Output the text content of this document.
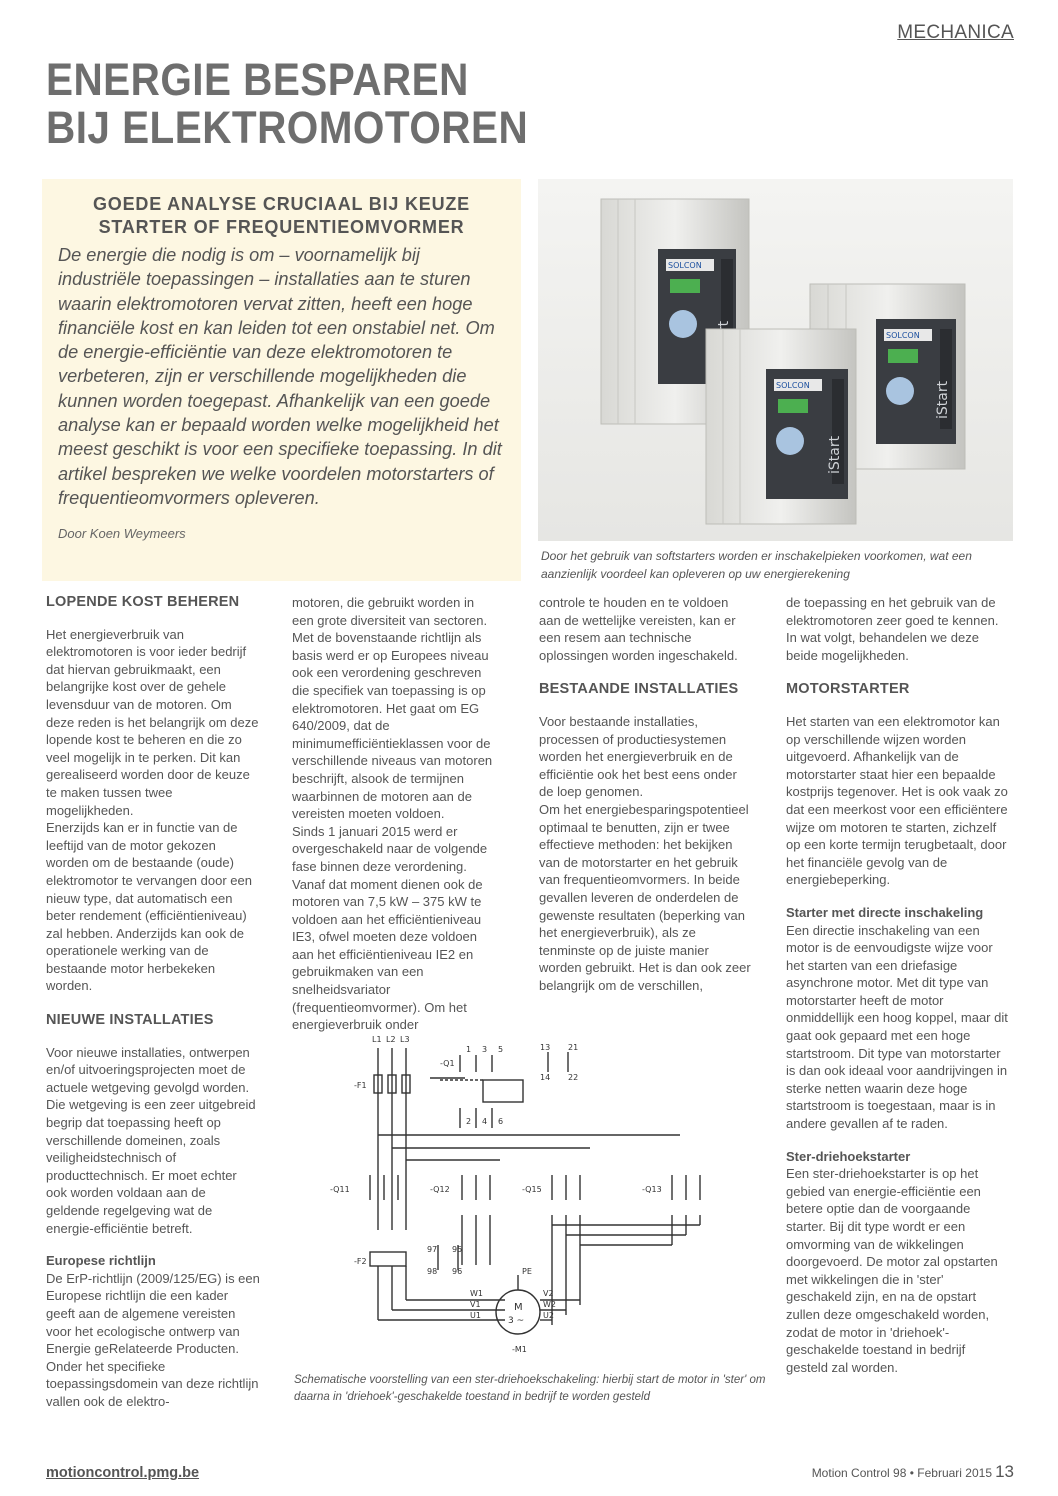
MECHANICA
ENERGIE BESPAREN
BIJ ELEKTROMOTOREN
GOEDE ANALYSE CRUCIAAL BIJ KEUZE
STARTER OF FREQUENTIEOMVORMER

De energie die nodig is om – voornamelijk bij industriële toepassingen – installaties aan te sturen waarin elektromotoren vervat zitten, heeft een hoge financiële kost en kan leiden tot een onstabiel net. Om de energie-efficiëntie van deze elektromotoren te verbeteren, zijn er verschillende mogelijkheden die kunnen worden toegepast. Afhankelijk van een goede analyse kan er bepaald worden welke mogelijkheid het meest geschikt is voor een specifieke toepassing. In dit artikel bespreken we welke voordelen motorstarters of frequentieomvormers opleveren.

Door Koen Weymeers

SOLCON
SOLCON
iStart
SOLCON
iStart

Door het gebruik van softstarters worden er inschakelpieken voorkomen, wat een aanzienlijk voordeel kan opleveren op uw energierekening

LOPENDE KOST BEHEREN

Het energieverbruik van elektromotoren is voor ieder bedrijf dat hiervan gebruikmaakt, een belangrijke kost over de gehele levensduur van de motoren. Om deze reden is het belangrijk om deze lopende kost te beheren en die zo veel mogelijk in te perken. Dit kan gerealiseerd worden door de keuze te maken tussen twee mogelijkheden.

Enerzijds kan er in functie van de leeftijd van de motor gekozen worden om de bestaande (oude) elektromotor te vervangen door een nieuw type, dat automatisch een beter rendement (efficiëntieniveau) zal hebben. Anderzijds kan ook de operationele werking van de bestaande motor herbekeken worden.

NIEUWE INSTALLATIES

Voor nieuwe installaties, ontwerpen en/of uitvoeringsprojecten moet de actuele wetgeving gevolgd worden. Die wetgeving is een zeer uitgebreid begrip dat toepassing heeft op verschillende domeinen, zoals veiligheidstechnisch of producttechnisch. Er moet echter ook worden voldaan aan de geldende regelgeving wat de energie-efficiëntie betreft.

Europese richtlijn

De ErP-richtlijn (2009/125/EG) is een Europese richtlijn die een kader geeft aan de algemene vereisten voor het ecologische ontwerp van Energie geRelateerde Producten. Onder het specifieke toepassingsdomein van deze richtlijn vallen ook de elektro-

motoren, die gebruikt worden in een grote diversiteit van sectoren. Met de bovenstaande richtlijn als basis werd er op Europees niveau ook een verordening geschreven die specifiek van toepassing is op elektromotoren. Het gaat om EG 640/2009, dat de minimumefficiëntieklassen voor de verschillende niveaus van motoren beschrijft, alsook de termijnen waarbinnen de motoren aan de vereisten moeten voldoen.

Sinds 1 januari 2015 werd er overgeschakeld naar de volgende fase binnen deze verordening. Vanaf dat moment dienen ook de motoren van 7,5 kW – 375 kW te voldoen aan het efficiëntieniveau IE3, ofwel moeten deze voldoen aan het efficiëntieniveau IE2 en gebruikmaken van een snelheidsvariator (frequentieomvormer). Om het energieverbruik onder

controle te houden en te voldoen aan de wettelijke vereisten, kan er een resem aan technische oplossingen worden ingeschakeld.

BESTAANDE INSTALLATIES

Voor bestaande installaties, processen of productiesystemen worden het energieverbruik en de efficiëntie ook het best eens onder de loep genomen.

Om het energiebesparingspotentieel optimaal te benutten, zijn er twee effectieve methoden: het bekijken van de motorstarter en het gebruik van frequentieomvormers. In beide gevallen leveren de onderdelen de gewenste resultaten (beperking van het energieverbruik), als ze tenminste op de juiste manier worden gebruikt. Het is dan ook zeer belangrijk om de verschillen,

de toepassing en het gebruik van de elektromotoren zeer goed te kennen.

In wat volgt, behandelen we deze beide mogelijkheden.

MOTORSTARTER

Het starten van een elektromotor kan op verschillende wijzen worden uitgevoerd. Afhankelijk van de motorstarter staat hier een bepaalde kostprijs tegenover. Het is ook vaak zo dat een meerkost voor een efficiëntere wijze om motoren te starten, zichzelf op een korte termijn terugbetaalt, door het financiële gevolg van de energiebeperking.

Starter met directe inschakeling

Een directie inschakeling van een motor is de eenvoudigste wijze voor het starten van een driefasige asynchrone motor. Met dit type van motorstarter heeft de motor onmiddellijk een hoog koppel, maar dit gaat ook gepaard met een hoge startstroom. Dit type van motorstarter is dan ook ideaal voor aandrijvingen in sterke netten waarin deze hoge startstroom is toegestaan, maar is in andere gevallen af te raden.

Ster-driehoekstarter

Een ster-driehoekstarter is op het gebied van energie-efficiëntie een betere optie dan de voorgaande starter. Bij dit type wordt er een omvorming van de wikkelingen doorgevoerd. De motor zal opstarten met wikkelingen die in 'ster' geschakeld zijn, en na de opstart zullen deze omgeschakeld worden, zodat de motor in 'driehoek'-geschakelde toestand in bedrijf gesteld zal worden.

L1 L2 L3
-Q1
-F1
-Q11	-Q12	-Q15	-Q13
-F2
M
3 ~
-M1
W1
V1
U1
V2
W2
U2
PE
1 3 5
2 4 6
13
14
21
22
97
98
95
96

Schematische voorstelling van een ster-driehoekschakeling: hierbij start de motor in 'ster' om daarna in 'driehoek'-geschakelde toestand in bedrijf te worden gesteld

motioncontrol.pmg.be	Motion Control 98 • Februari 2015 13
